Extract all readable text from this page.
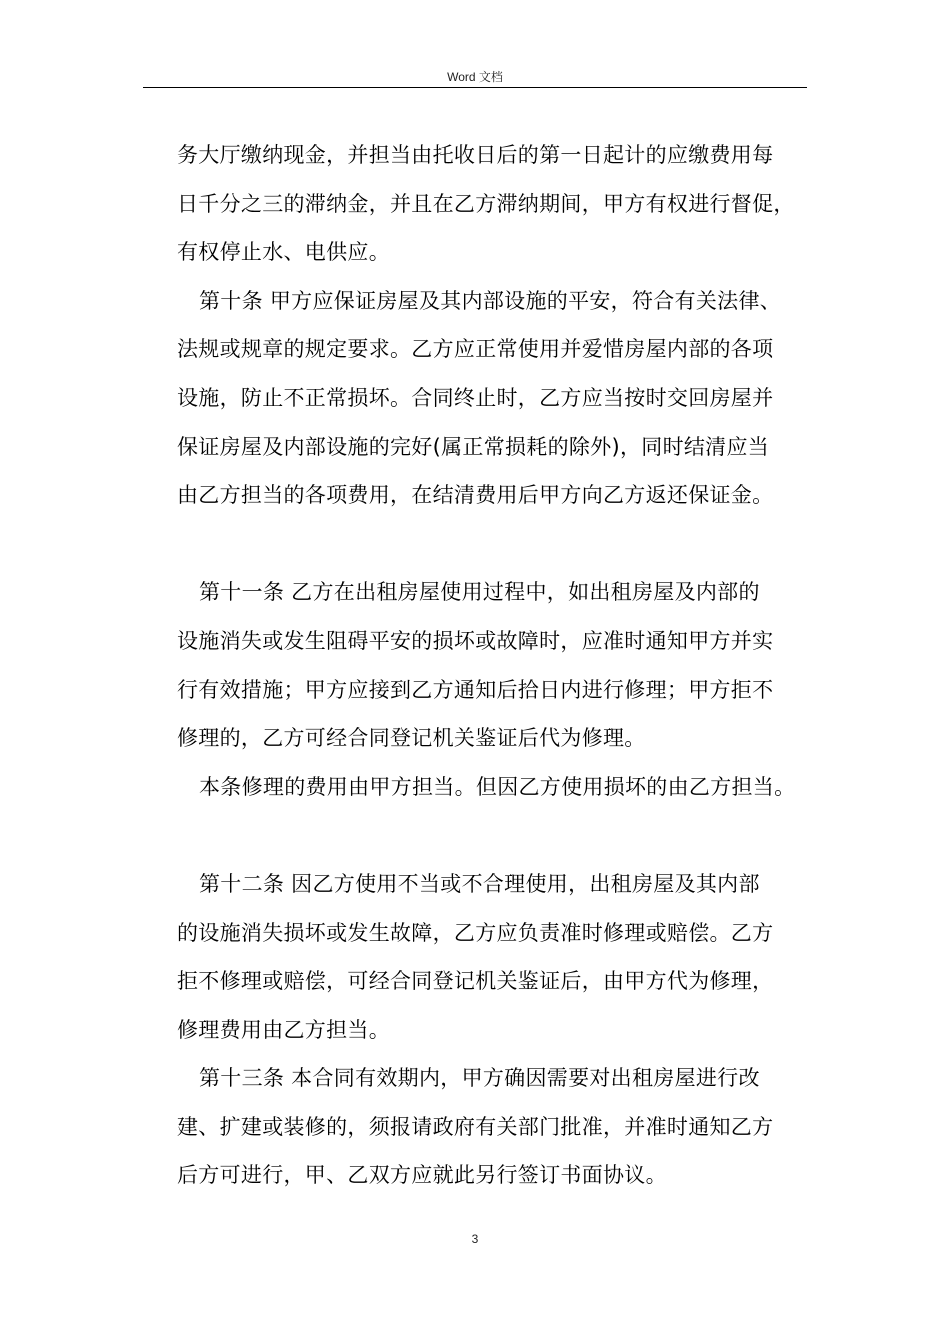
Word 文档
务大厅缴纳现金，并担当由托收日后的第一日起计的应缴费用每
日千分之三的滞纳金，并且在乙方滞纳期间，甲方有权进行督促，
有权停止水、电供应。
第十条 甲方应保证房屋及其内部设施的平安，符合有关法律、
法规或规章的规定要求。乙方应正常使用并爱惜房屋内部的各项
设施，防止不正常损坏。合同终止时，乙方应当按时交回房屋并
保证房屋及内部设施的完好(属正常损耗的除外)，同时结清应当
由乙方担当的各项费用，在结清费用后甲方向乙方返还保证金。
第十一条 乙方在出租房屋使用过程中，如出租房屋及内部的
设施消失或发生阻碍平安的损坏或故障时，应准时通知甲方并实
行有效措施；甲方应接到乙方通知后拾日内进行修理；甲方拒不
修理的，乙方可经合同登记机关鉴证后代为修理。
本条修理的费用由甲方担当。但因乙方使用损坏的由乙方担当。
第十二条 因乙方使用不当或不合理使用，出租房屋及其内部
的设施消失损坏或发生故障，乙方应负责准时修理或赔偿。乙方
拒不修理或赔偿，可经合同登记机关鉴证后，由甲方代为修理，
修理费用由乙方担当。
第十三条 本合同有效期内，甲方确因需要对出租房屋进行改
建、扩建或装修的，须报请政府有关部门批准，并准时通知乙方
后方可进行，甲、乙双方应就此另行签订书面协议。
3
